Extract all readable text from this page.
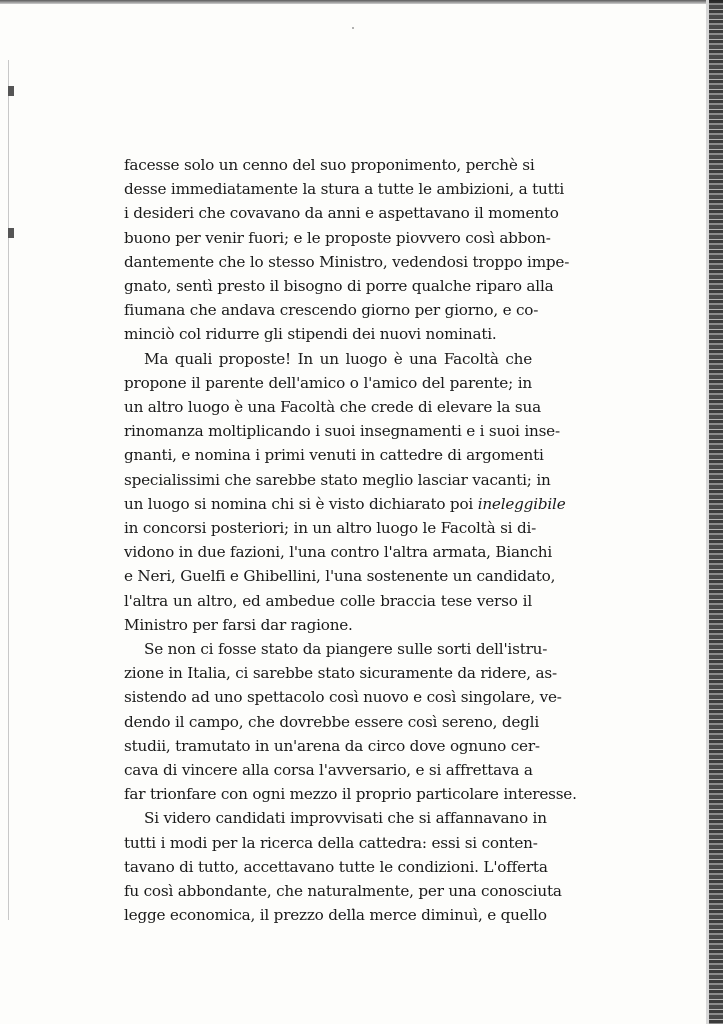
facesse solo un cenno del suo proponimento, perchè si
desse immediatamente la stura a tutte le ambizioni, a tutti
i desideri che covavano da anni e aspettavano il momento
buono per venir fuori; e le proposte piovvero così abbon-
dantemente che lo stesso Ministro, vedendosi troppo impe-
gnato, sentì presto il bisogno di porre qualche riparo alla
fiumana che andava crescendo giorno per giorno, e co-
minciò col ridurre gli stipendi dei nuovi nominati.
Ma quali proposte! In un luogo è una Facoltà che
propone il parente dell'amico o l'amico del parente; in
un altro luogo è una Facoltà che crede di elevare la sua
rinomanza moltiplicando i suoi insegnamenti e i suoi inse-
gnanti, e nomina i primi venuti in cattedre di argomenti
specialissimi che sarebbe stato meglio lasciar vacanti; in
un luogo si nomina chi si è visto dichiarato poi ineleggibile
in concorsi posteriori; in un altro luogo le Facoltà si di-
vidono in due fazioni, l'una contro l'altra armata, Bianchi
e Neri, Guelfi e Ghibellini, l'una sostenente un candidato,
l'altra un altro, ed ambedue colle braccia tese verso il
Ministro per farsi dar ragione.
Se non ci fosse stato da piangere sulle sorti dell'istru-
zione in Italia, ci sarebbe stato sicuramente da ridere, as-
sistendo ad uno spettacolo così nuovo e così singolare, ve-
dendo il campo, che dovrebbe essere così sereno, degli
studii, tramutato in un'arena da circo dove ognuno cer-
cava di vincere alla corsa l'avversario, e si affrettava a
far trionfare con ogni mezzo il proprio particolare interesse.
Si videro candidati improvvisati che si affannavano in
tutti i modi per la ricerca della cattedra: essi si conten-
tavano di tutto, accettavano tutte le condizioni. L'offerta
fu così abbondante, che naturalmente, per una conosciuta
legge economica, il prezzo della merce diminuì, e quello
